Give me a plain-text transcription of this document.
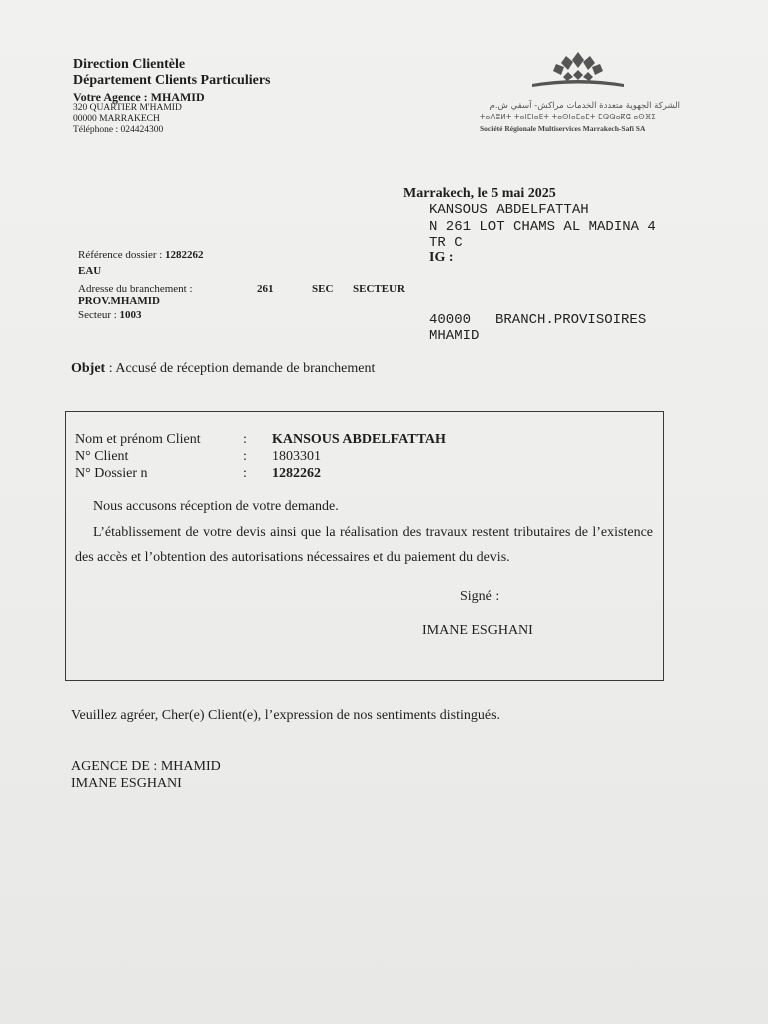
Direction Clientèle
Département Clients Particuliers
Votre Agence : MHAMID
320 QUARTIER M'HAMID
00000 MARRAKECH
Téléphone : 024424300
الشركة الجهوية متعددة الخدمات مراكش- آسفي ش.م
ⵜⴰⴷⵓⵍⵜ ⵜⴰⵏⵎⵏⴰⴹⵜ ⵜⴰⵙⵏⴰⵎⴰⵎⵜ ⵎⵕⵕⴰⴽⵛ ⴰⵙⴼⵉ
Société Régionale Multiservices Marrakech-Safi SA
Marrakech, le 5 mai 2025
KANSOUS ABDELFATTAH
N 261 LOT CHAMS AL MADINA 4
TR C
IG :
40000 BRANCH.PROVISOIRES
MHAMID
Référence dossier : 1282262
EAU
Adresse du branchement :	261	SEC SECTEUR
PROV.MHAMID
Secteur : 1003
Objet : Accusé de réception demande de branchement
Nom et prénom Client	: KANSOUS ABDELFATTAH
N° Client	: 1803301
N° Dossier n	: 1282262
Nous accusons réception de votre demande.
L’établissement de votre devis ainsi que la réalisation des travaux restent tributaires de l’existence des accès et l’obtention des autorisations nécessaires et du paiement du devis.
Signé :
IMANE ESGHANI
Veuillez agréer, Cher(e) Client(e), l’expression de nos sentiments distingués.
AGENCE DE : MHAMID
IMANE ESGHANI
